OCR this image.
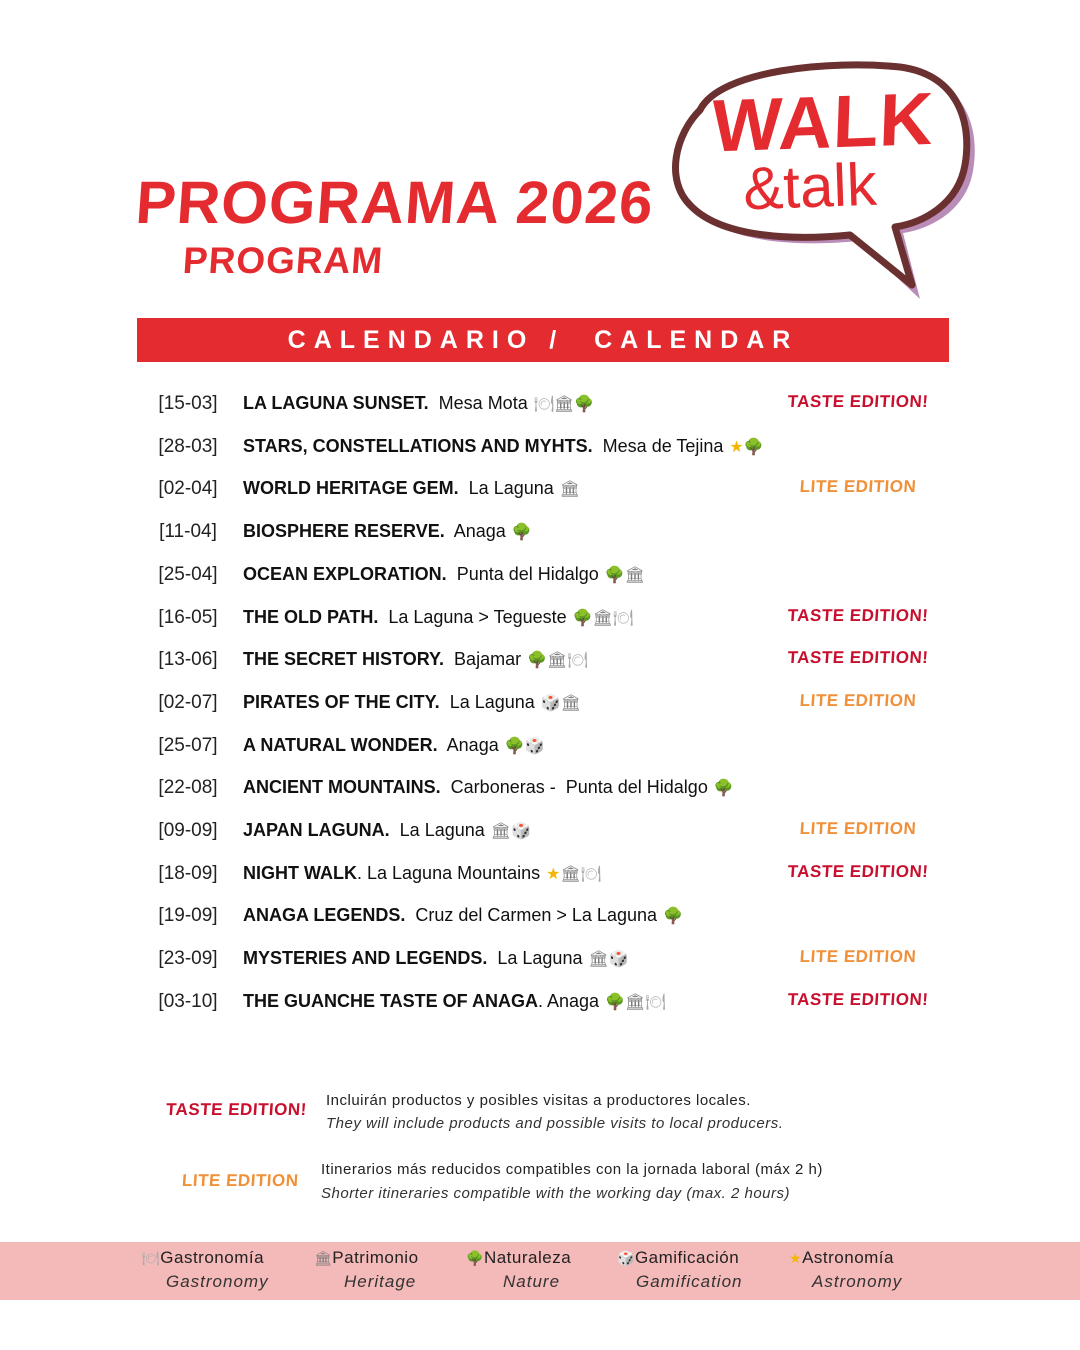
PROGRAMA 2026
PROGRAM
WALK
&talk
CALENDARIO /  CALENDAR
[15-03]	LA LAGUNA SUNSET.  Mesa Mota 🍽🏛🌳	TASTE EDITION!
[28-03]	STARS, CONSTELLATIONS AND MYHTS.  Mesa de Tejina ★🌳
[02-04]	WORLD HERITAGE GEM.  La Laguna 🏛	LITE EDITION
[11-04]	BIOSPHERE RESERVE.  Anaga 🌳
[25-04]	OCEAN EXPLORATION.  Punta del Hidalgo 🌳🏛
[16-05]	THE OLD PATH.  La Laguna > Tegueste 🌳🏛🍽	TASTE EDITION!
[13-06]	THE SECRET HISTORY.  Bajamar 🌳🏛🍽	TASTE EDITION!
[02-07]	PIRATES OF THE CITY.  La Laguna 🎲🏛	LITE EDITION
[25-07]	A NATURAL WONDER.  Anaga 🌳🎲
[22-08]	ANCIENT MOUNTAINS.  Carboneras -  Punta del Hidalgo 🌳
[09-09]	JAPAN LAGUNA.  La Laguna 🏛🎲	LITE EDITION
[18-09]	NIGHT WALK. La Laguna Mountains ★🏛🍽	TASTE EDITION!
[19-09]	ANAGA LEGENDS.  Cruz del Carmen > La Laguna 🌳
[23-09]	MYSTERIES AND LEGENDS.  La Laguna 🏛🎲	LITE EDITION
[03-10]	THE GUANCHE TASTE OF ANAGA. Anaga 🌳🏛🍽	TASTE EDITION!
TASTE EDITION! Incluirán productos y posibles visitas a productores locales.
They will include products and possible visits to local producers.
LITE EDITION
Itinerarios más reducidos compatibles con la jornada laboral (máx 2 h)
Shorter itineraries compatible with the working day (max. 2 hours)
🍽Gastronomía
Gastronomy
🏛Patrimonio
Heritage
🌳Naturaleza
Nature
🎲Gamificación
Gamification
★Astronomía
Astronomy
